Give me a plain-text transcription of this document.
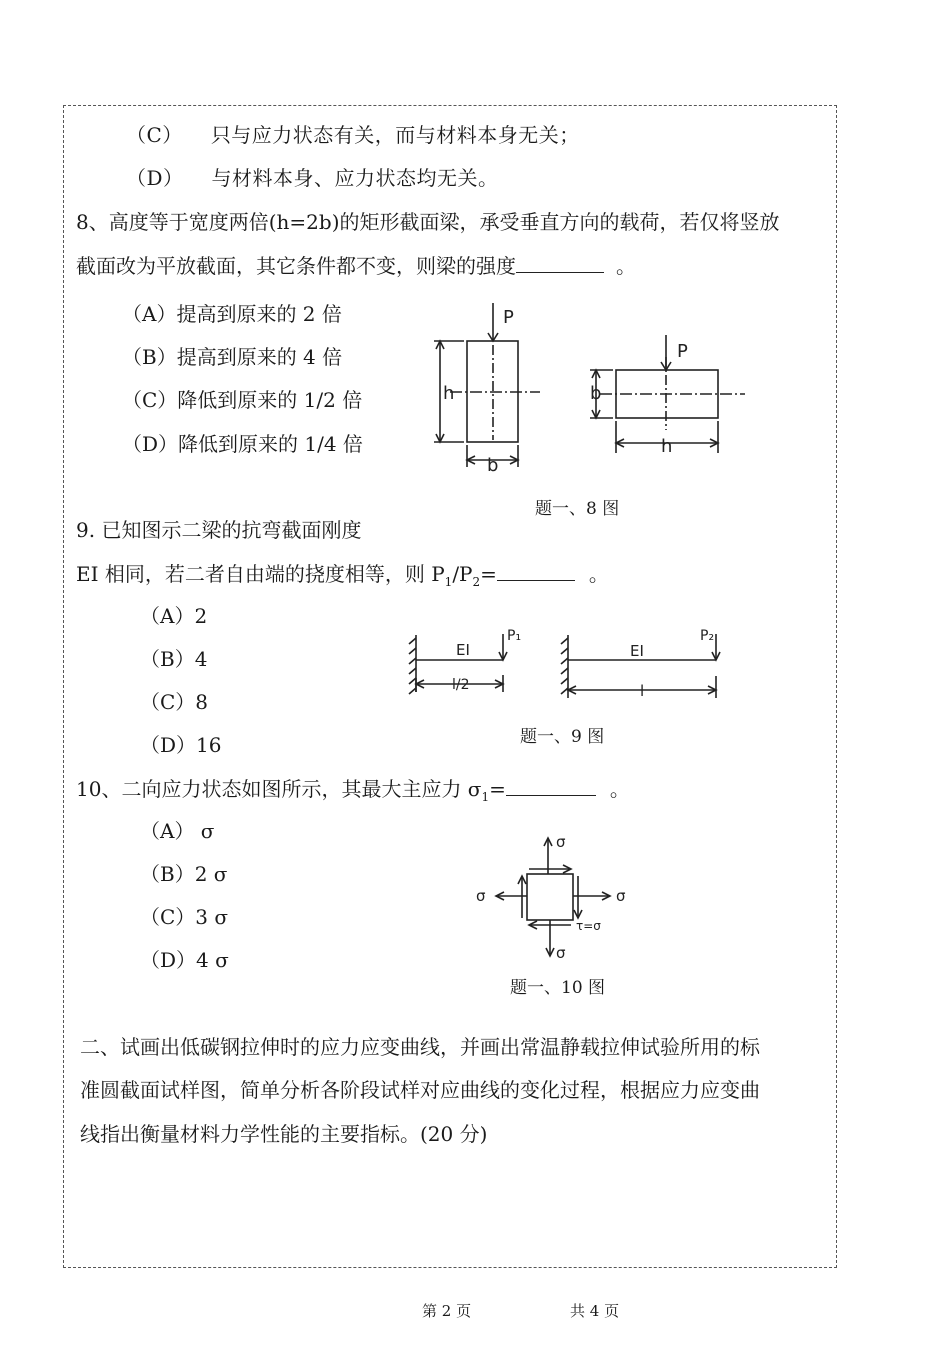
（C） 只与应力状态有关，而与材料本身无关；
（D） 与材料本身、应力状态均无关。
8、高度等于宽度两倍(h=2b)的矩形截面梁，承受垂直方向的载荷，若仅将竖放
截面改为平放截面，其它条件都不变，则梁的强度	。
（A）提高到原来的 2 倍
（B）提高到原来的 4 倍
（C）降低到原来的 1/2 倍
（D）降低到原来的 1/4 倍
P
h
b
P
b
h
题一、8 图
9. 已知图示二梁的抗弯截面刚度
EI 相同，若二者自由端的挠度相等，则 $P_1/P_2=$	。
（A）2
（B）4
（C）8
（D）16
EI
P₁
l/2
EI
P₂
l
题一、9 图
10、二向应力状态如图所示，其最大主应力 $\sigma_1=$	。
（A） σ
（B）2 σ
（C）3 σ
（D）4 σ
σ
σ	σ
σ
τ=σ
题一、10 图
二、试画出低碳钢拉伸时的应力应变曲线，并画出常温静载拉伸试验所用的标
准圆截面试样图，简单分析各阶段试样对应曲线的变化过程，根据应力应变曲
线指出衡量材料力学性能的主要指标。(20 分)
第 2 页	共 4 页
